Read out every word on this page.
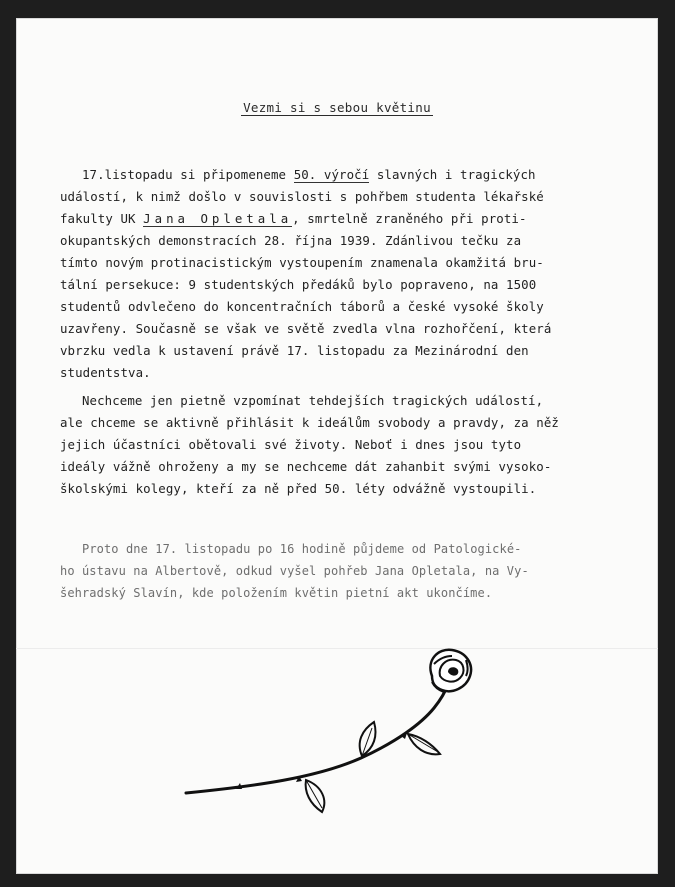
Vezmi si s sebou květinu
17.listopadu si připomeneme 50. výročí slavných i tragických
událostí, k nimž došlo v souvislosti s pohřbem studenta lékařské
fakulty UK Jana Opletala, smrtelně zraněného při proti-
okupantských demonstracích 28. října 1939. Zdánlivou tečku za
tímto novým protinacistickým vystoupením znamenala okamžitá bru-
tální persekuce: 9 studentských předáků bylo popraveno, na 1500
studentů odvlečeno do koncentračních táborů a české vysoké školy
uzavřeny. Současně se však ve světě zvedla vlna rozhořčení, která
vbrzku vedla k ustavení právě 17. listopadu za Mezinárodní den
studentstva.
Nechceme jen pietně vzpomínat tehdejších tragických událostí,
ale chceme se aktivně přihlásit k ideálům svobody a pravdy, za něž
jejich účastníci obětovali své životy. Neboť i dnes jsou tyto
ideály vážně ohroženy a my se nechceme dát zahanbit svými vysoko-
školskými kolegy, kteří za ně před 50. léty odvážně vystoupili.
Proto dne 17. listopadu po 16 hodině půjdeme od Patologické-
ho ústavu na Albertově, odkud vyšel pohřeb Jana Opletala, na Vy-
šehradský Slavín, kde položením květin pietní akt ukončíme.
